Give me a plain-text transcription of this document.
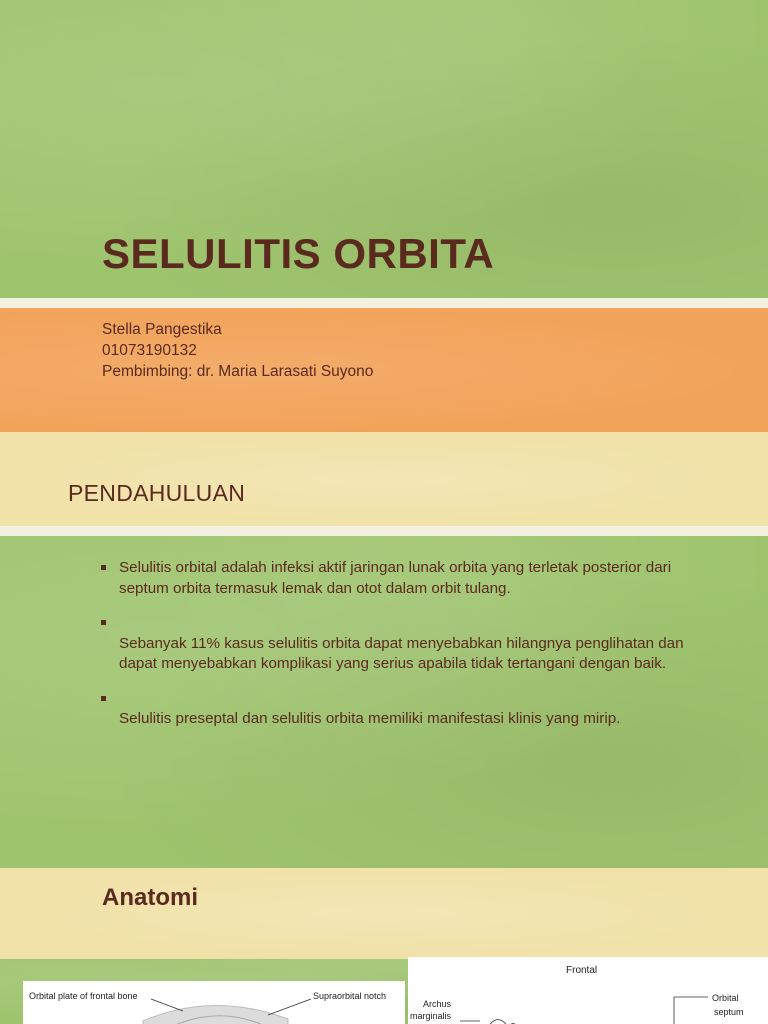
SELULITIS ORBITA
Stella Pangestika
01073190132
Pembimbing: dr. Maria Larasati Suyono
PENDAHULUAN
Selulitis orbital adalah infeksi aktif jaringan lunak orbita yang terletak posterior dari septum orbita termasuk lemak dan otot dalam orbit tulang.
Sebanyak 11% kasus selulitis orbita dapat menyebabkan hilangnya penglihatan dan dapat menyebabkan komplikasi yang serius apabila tidak tertangani dengan baik.
Selulitis preseptal dan selulitis orbita memiliki manifestasi klinis yang mirip.
Anatomi
Orbital plate of frontal bone	Supraorbital notch
Frontal
Archus
marginalis
Orbital
septum
